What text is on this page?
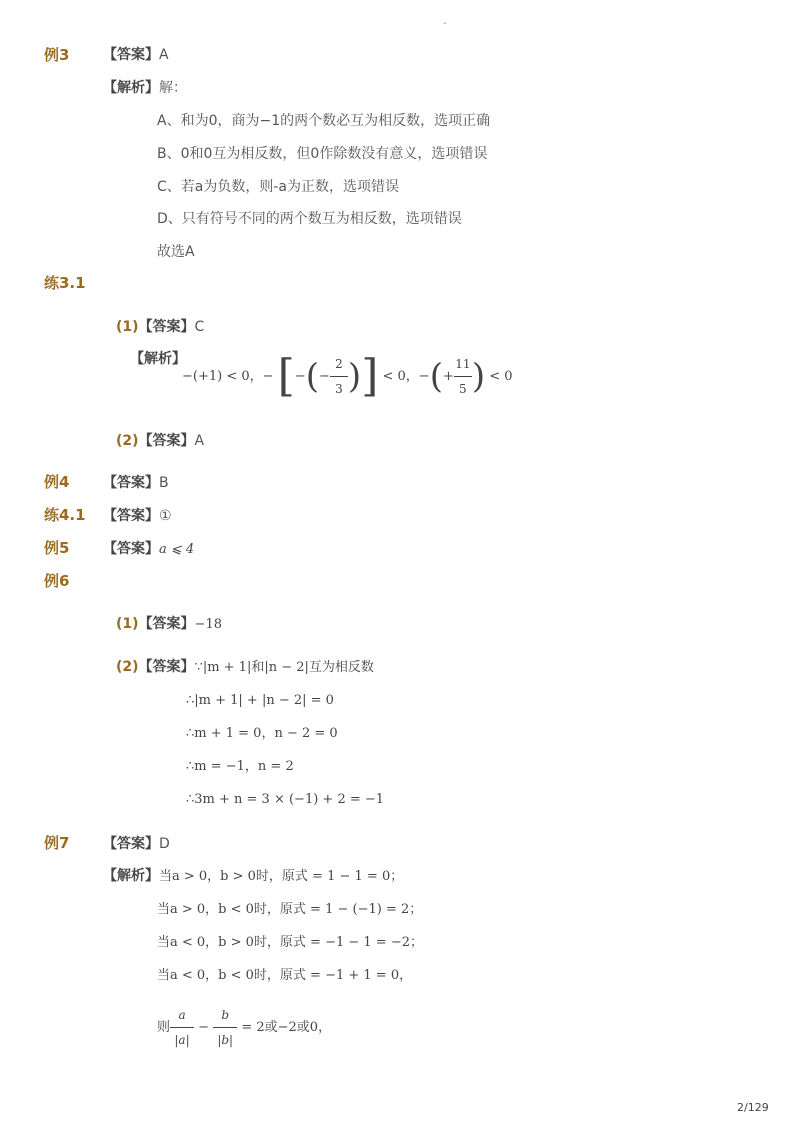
-
例3 【答案】A
【解析】解：
A、和为0，商为−1的两个数必互为相反数，选项正确
B、0和0互为相反数，但0作除数没有意义，选项错误
C、若a为负数，则-a为正数，选项错误
D、只有符号不同的两个数互为相反数，选项错误
故选A
练3.1
(1)【答案】C
【解析】
−(+1) < 0，− [−(− $\frac{2}{3}$ )] < 0，−(+ $\frac{11}{5}$ ) < 0
(2)【答案】A
例4 【答案】B
练4.1 【答案】①
例5 【答案】a ⩽ 4
例6
(1)【答案】−18
(2)【答案】∵|m + 1|和|n − 2|互为相反数
∴|m + 1| + |n − 2| = 0
∴m + 1 = 0，n − 2 = 0
∴m = −1，n = 2
∴3m + n = 3 × (−1) + 2 = −1
例7 【答案】D
【解析】当a > 0，b > 0时，原式 = 1 − 1 = 0；
当a > 0，b < 0时，原式 = 1 − (−1) = 2；
当a < 0，b > 0时，原式 = −1 − 1 = −2；
当a < 0，b < 0时，原式 = −1 + 1 = 0，
则 $\frac{a}{|a|} - \frac{b}{|b|} = 2$或−2或0，
2/129
